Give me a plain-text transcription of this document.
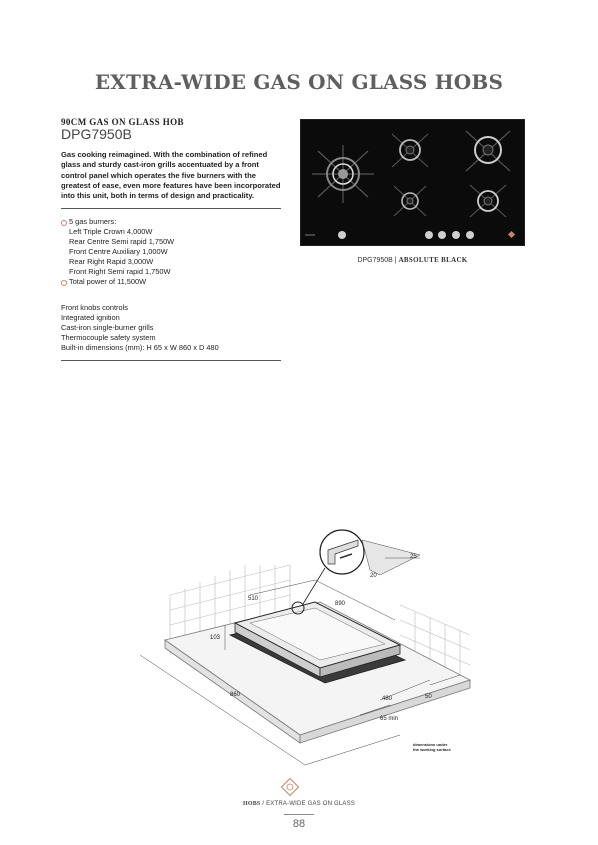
EXTRA-WIDE GAS ON GLASS HOBS
90CM GAS ON GLASS HOB
DPG7950B
Gas cooking reimagined. With the combination of refined glass and sturdy cast-iron grills accentuated by a front control panel which operates the five burners with the greatest of ease, even more features have been incorporated into this unit, both in terms of design and practicality.
5 gas burners:
Left Triple Crown 4,000W
Rear Centre Semi rapid 1,750W
Front Centre Auxiliary 1,000W
Rear Right Rapid 3,000W
Front Right Semi rapid 1,750W
Total power of 11,500W
Front knobs controls
Integrated ignition
Cast-iron single-burner grills
Thermocouple safety system
Built-in dimensions (mm): H 65 x W 860 x D 480
DPG7950B | ABSOLUTE BLACK
510
890
103
860
480	50
65 min
25
20
dimensions under
the working surface
HOBS / EXTRA-WIDE GAS ON GLASS
88
